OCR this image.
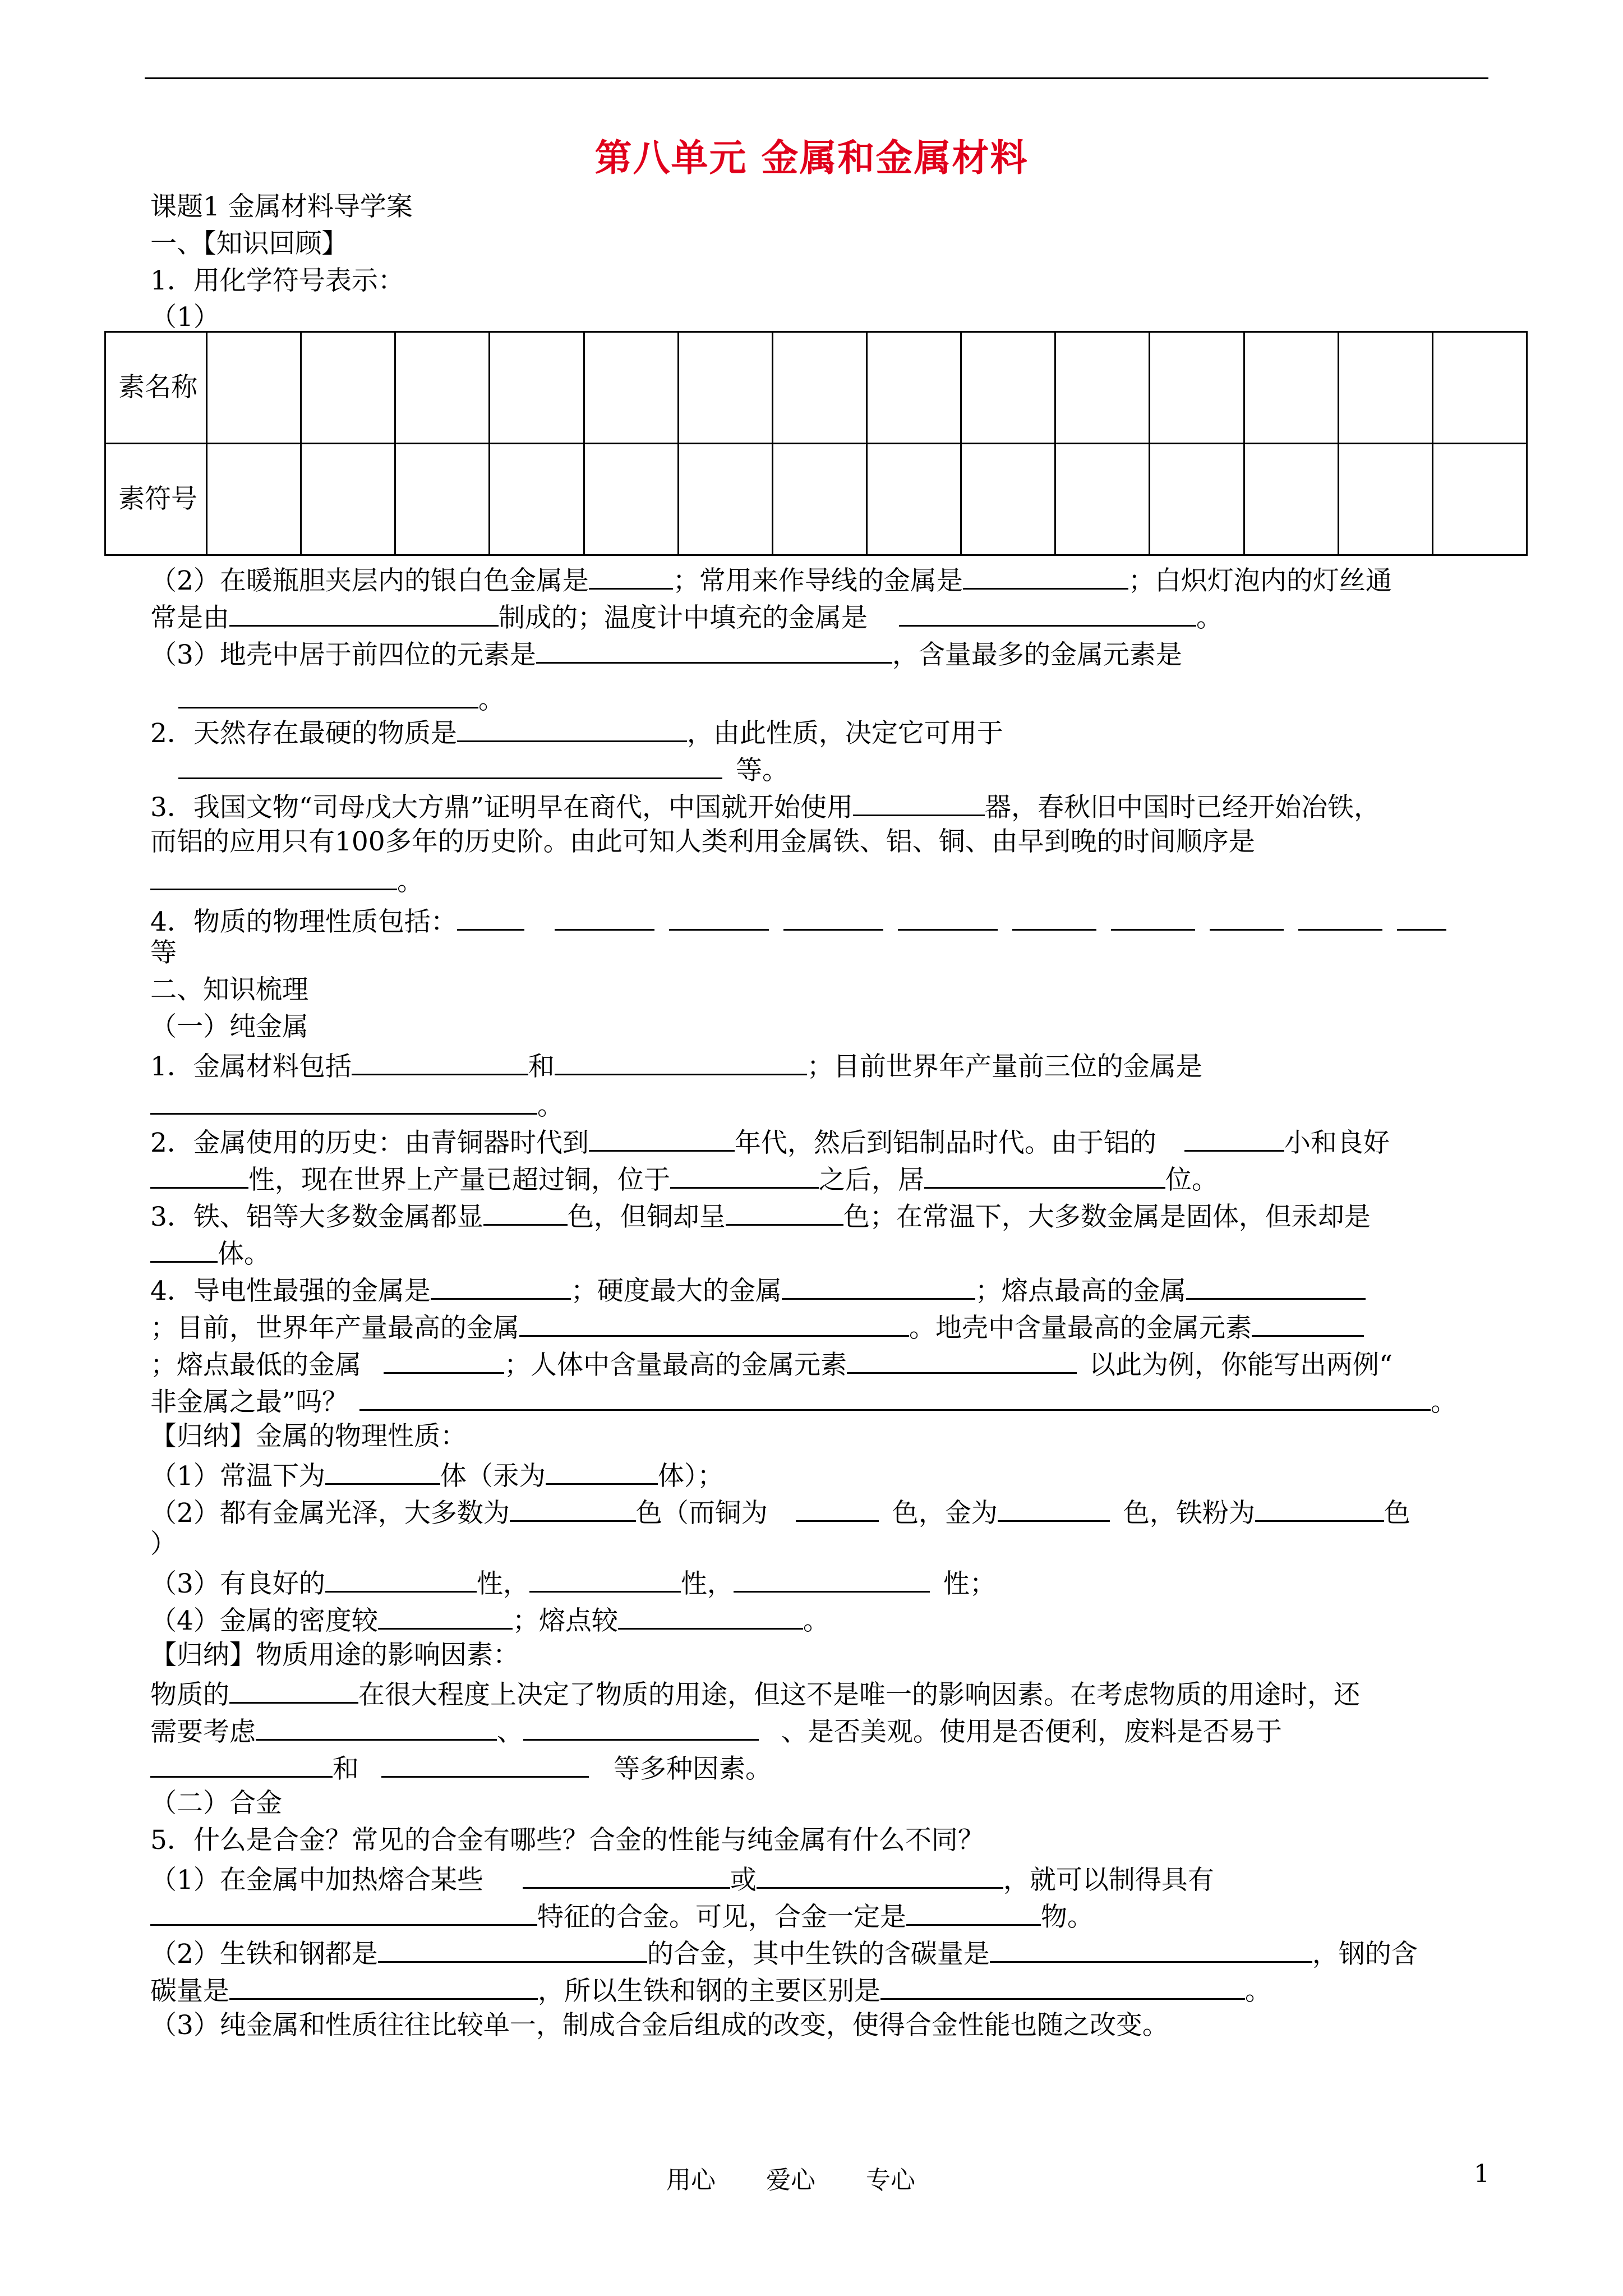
第八单元 金属和金属材料
课题1 金属材料导学案
一、【知识回顾】
1．用化学符号表示：
（1）
素名称														
素符号														
（2）在暖瓶胆夹层内的银白色金属是	；常用来作导线的金属是	；白炽灯泡内的灯丝通
常是由	制成的；温度计中填充的金属是	。
（3）地壳中居于前四位的元素是	，含量最多的金属元素是
。
2．天然存在最硬的物质是	，由此性质，决定它可用于
等。
3．我国文物“司母戊大方鼎”证明早在商代，中国就开始使用	器，春秋旧中国时已经开始冶铁，
而铝的应用只有100多年的历史阶。由此可知人类利用金属铁、铝、铜、由早到晚的时间顺序是
。
4．物质的物理性质包括：
等
二、知识梳理
（一）纯金属
1．金属材料包括	和	；目前世界年产量前三位的金属是
。
2．金属使用的历史：由青铜器时代到	年代，然后到铝制品时代。由于铝的	小和良好
性，现在世界上产量已超过铜，位于	之后，居	位。
3．铁、铝等大多数金属都显	色，但铜却呈	色；在常温下，大多数金属是固体，但汞却是
体。
4．导电性最强的金属是	；硬度最大的金属	；熔点最高的金属
；目前，世界年产量最高的金属	。地壳中含量最高的金属元素
；熔点最低的金属	；人体中含量最高的金属元素	以此为例，你能写出两例“
非金属之最”吗？	。
【归纳】金属的物理性质：
（1）常温下为	体（汞为	体）；
（2）都有金属光泽，大多数为	色（而铜为	色，金为	色，铁粉为	色
）
（3）有良好的	性，	性，	性；
（4）金属的密度较	；熔点较	。
【归纳】物质用途的影响因素：
物质的	在很大程度上决定了物质的用途，但这不是唯一的影响因素。在考虑物质的用途时，还
需要考虑	、	、是否美观。使用是否便利，废料是否易于
和	等多种因素。
（二）合金
5．什么是合金？常见的合金有哪些？合金的性能与纯金属有什么不同？
（1）在金属中加热熔合某些	或	，就可以制得具有
特征的合金。可见，合金一定是	物。
（2）生铁和钢都是	的合金，其中生铁的含碳量是	，钢的含
碳量是	，所以生铁和钢的主要区别是	。
（3）纯金属和性质往往比较单一，制成合金后组成的改变，使得合金性能也随之改变。
用心 爱心 专心	1
